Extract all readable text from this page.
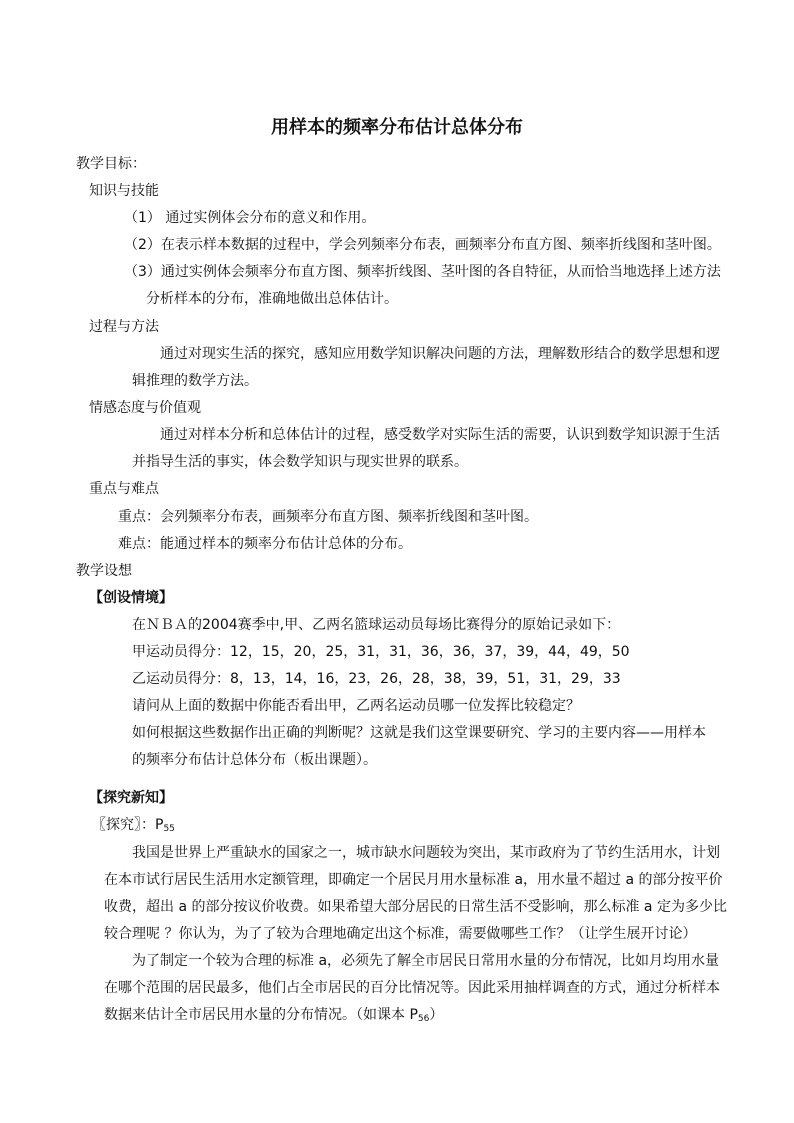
用样本的频率分布估计总体分布
教学目标：
知识与技能
（1） 通过实例体会分布的意义和作用。
（2）在表示样本数据的过程中，学会列频率分布表，画频率分布直方图、频率折线图和茎叶图。
（3）通过实例体会频率分布直方图、频率折线图、茎叶图的各自特征，从而恰当地选择上述方法
分析样本的分布，准确地做出总体估计。
过程与方法
通过对现实生活的探究，感知应用数学知识解决问题的方法，理解数形结合的数学思想和逻
辑推理的数学方法。
情感态度与价值观
通过对样本分析和总体估计的过程，感受数学对实际生活的需要，认识到数学知识源于生活
并指导生活的事实，体会数学知识与现实世界的联系。
重点与难点
重点：会列频率分布表，画频率分布直方图、频率折线图和茎叶图。
难点：能通过样本的频率分布估计总体的分布。
教学设想
【创设情境】
在ＮＢＡ的2004赛季中,甲、乙两名篮球运动员每场比赛得分的原始记录如下：
甲运动员得分：12，15，20，25，31，31，36，36，37，39，44，49，50
乙运动员得分：8，13，14，16，23，26，28，38，39，51，31，29，33
请问从上面的数据中你能否看出甲，乙两名运动员哪一位发挥比较稳定？
如何根据这些数据作出正确的判断呢？这就是我们这堂课要研究、学习的主要内容——用样本
的频率分布估计总体分布（板出课题）。
【探究新知】
〖探究〗：$P_{55}$
我国是世界上严重缺水的国家之一，城市缺水问题较为突出，某市政府为了节约生活用水，计划
在本市试行居民生活用水定额管理，即确定一个居民月用水量标准 a，用水量不超过 a 的部分按平价
收费，超出 a 的部分按议价收费。如果希望大部分居民的日常生活不受影响，那么标准 a 定为多少比
较合理呢 ？你认为，为了了较为合理地确定出这个标准，需要做哪些工作？（让学生展开讨论）
为了制定一个较为合理的标准 a，必须先了解全市居民日常用水量的分布情况，比如月均用水量
在哪个范围的居民最多，他们占全市居民的百分比情况等。因此采用抽样调查的方式，通过分析样本
数据来估计全市居民用水量的分布情况。（如课本 $P_{56}$）
